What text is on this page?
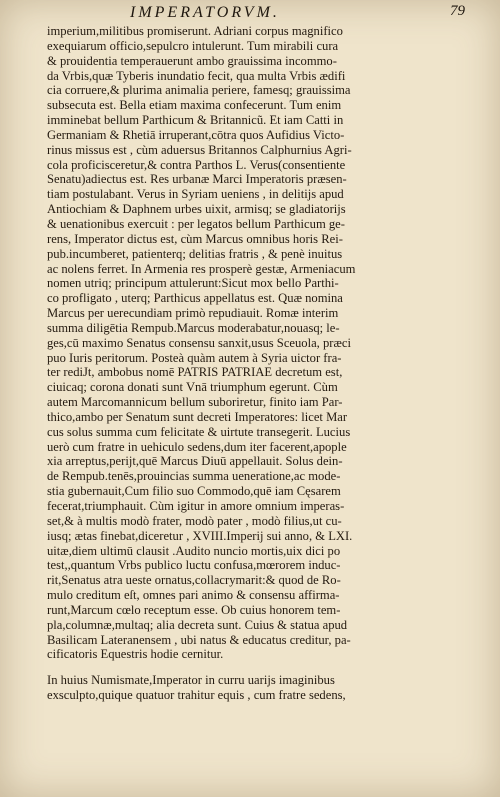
IMPERATORVM.	79
imperium,militibus promiserunt. Adriani corpus magnifico
exequiarum officio,sepulcro intulerunt. Tum mirabili cura
& prouidentia temperauerunt ambo grauissima incommo-
da Vrbis,quæ Tyberis inundatio fecit, qua multa Vrbis ædifi
cia corruere,& plurima animalia periere, famesq; grauissima
subsecuta est. Bella etiam maxima confecerunt. Tum enim
imminebat bellum Parthicum & Britannicũ. Et iam Catti in
Germaniam & Rhetiā irruperant,cōtra quos Aufidius Victo-
rinus missus est , cùm aduersus Britannos Calphurnius Agri-
cola proficisceretur,& contra Parthos L. Verus(consentiente
Senatu)adiectus est. Res urbanæ Marci Imperatoris præsen-
tiam postulabant. Verus in Syriam ueniens , in delitijs apud
Antiochiam & Daphnem urbes uixit, armisq; se gladiatorijs
& uenationibus exercuit : per legatos bellum Parthicum ge-
rens, Imperator dictus est, cùm Marcus omnibus horis Rei-
pub.incumberet, patienterq; delitias fratris , & penè inuitus
ac nolens ferret. In Armenia res prosperè gestæ, Armeniacum
nomen utriq; principum attulerunt:Sicut mox bello Parthi-
co profligato , uterq; Parthicus appellatus est. Quæ nomina
Marcus per uerecundiam primò repudiauit. Romæ interim
summa diligētia Rempub.Marcus moderabatur,nouasq; le-
ges,cū maximo Senatus consensu sanxit,usus Sceuola, præci
puo Iuris peritorum. Posteà quàm autem à Syria uictor fra-
ter rediJt, ambobus nomē PATRIS PATRIAE decretum est,
ciuicaq; corona donati sunt Vnā triumphum egerunt. Cùm
autem Marcomannicum bellum suboriretur, finito iam Par-
thico,ambo per Senatum sunt decreti Imperatores: licet Mar
cus solus summa cum felicitate & uirtute transegerit. Lucius
uerò cum fratre in uehiculo sedens,dum iter facerent,apople
xia arreptus,perijt,quē Marcus Diuū appellauit. Solus dein-
de Rempub.tenēs,prouincias summa ueneratione,ac mode-
stia gubernauit,Cum filio suo Commodo,quē iam Cęsarem
fecerat,triumphauit. Cùm igitur in amore omnium imperas-
set,& à multis modò frater, modò pater , modò filius,ut cu-
iusq; ætas finebat,diceretur , XVIII.Imperij sui anno, & LXI.
uitæ,diem ultimū clausit .Audito nuncio mortis,uix dici po
test,,quantum Vrbs publico luctu confusa,mœrorem induc-
rit,Senatus atra ueste ornatus,collacrymarit:& quod de Ro-
mulo creditum eſt, omnes pari animo & consensu affirma-
runt,Marcum cœlo receptum esse. Ob cuius honorem tem-
pla,columnæ,multaq; alia decreta sunt. Cuius & statua apud
Basilicam Lateranensem , ubi natus & educatus creditur, pa-
cificatoris Equestris hodie cernitur.
In huius Numismate,Imperator in curru uarijs imaginibus
exsculpto,quique quatuor trahitur equis , cum fratre sedens,
